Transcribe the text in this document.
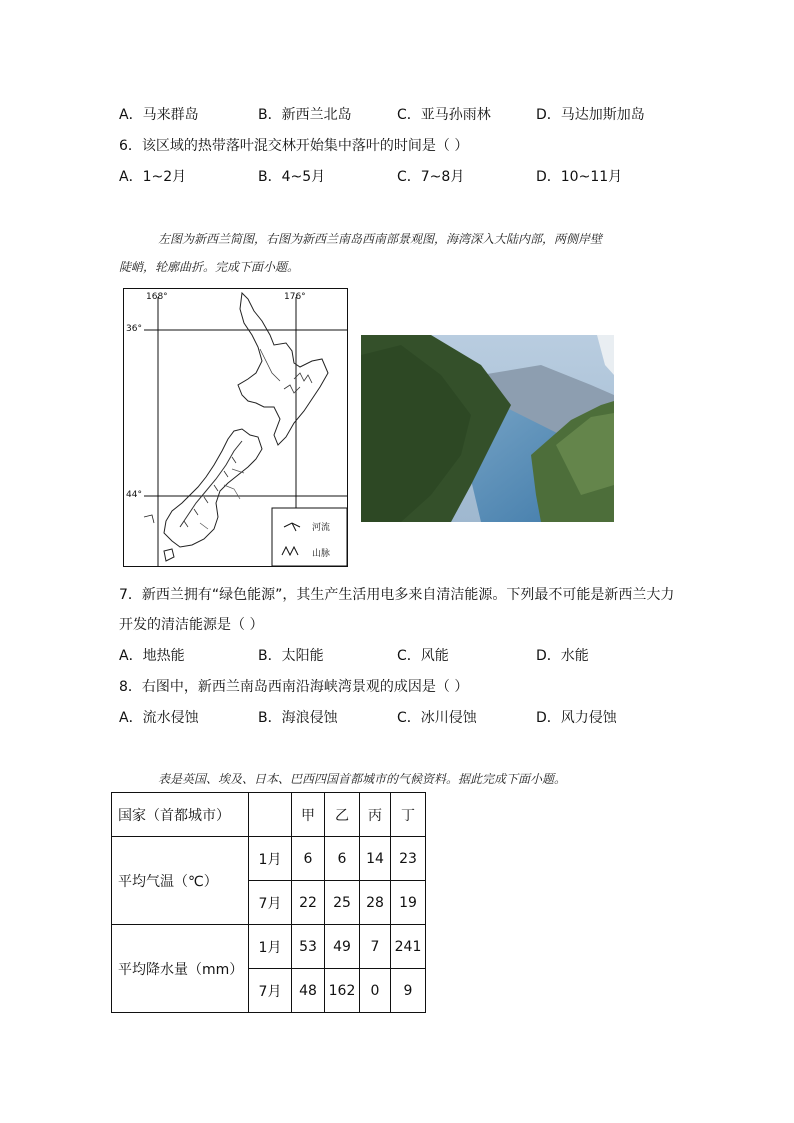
A．马来群岛	B．新西兰北岛	C．亚马孙雨林	D．马达加斯加岛
6．该区域的热带落叶混交林开始集中落叶的时间是（ ）
A．1~2月	B．4~5月	C．7~8月	D．10~11月
左图为新西兰简图，右图为新西兰南岛西南部景观图，海湾深入大陆内部，两侧岸壁
陡峭，轮廓曲折。完成下面小题。
168°	176°
36°
44°
河流
山脉
7．新西兰拥有“绿色能源”，其生产生活用电多来自清洁能源。下列最不可能是新西兰大力
开发的清洁能源是（ ）
A．地热能	B．太阳能	C．风能	D．水能
8．右图中，新西兰南岛西南沿海峡湾景观的成因是（ ）
A．流水侵蚀	B．海浪侵蚀	C．冰川侵蚀	D．风力侵蚀
表是英国、埃及、日本、巴西四国首都城市的气候资料。据此完成下面小题。
国家（首都城市）		甲	乙	丙	丁
平均气温（℃）	1月	6	6	14	23
	7月	22	25	28	19
平均降水量（mm）	1月	53	49	7	241
	7月	48	162	0	9
